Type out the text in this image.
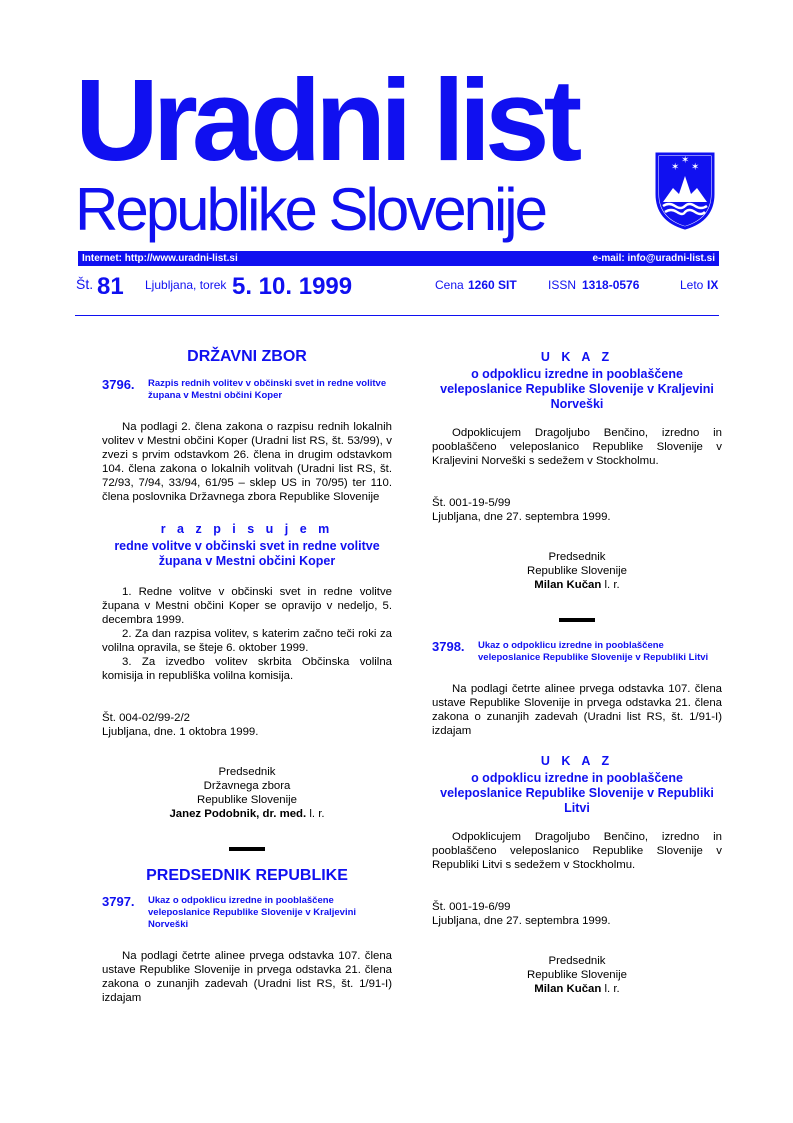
Uradni list
Republike Slovenije
✶ ✶
✶
Internet: http://www.uradni-list.si	e-mail: info@uradni-list.si
Št. 81 Ljubljana, torek 5. 10. 1999	Cena 1260 SIT	ISSN 1318-0576	Leto IX
DRŽAVNI ZBOR
3796.	Razpis rednih volitev v občinski svet in redne volitve župana v Mestni občini Koper

Na podlagi 2. člena zakona o razpisu rednih lokalnih volitev v Mestni občini Koper (Uradni list RS, št. 53/99), v zvezi s prvim odstavkom 26. člena in drugim odstavkom 104. člena zakona o lokalnih volitvah (Uradni list RS, št. 72/93, 7/94, 33/94, 61/95 – sklep US in 70/95) ter 110. člena poslovnika Državnega zbora Republike Slovenije

r a z p i s u j e m
redne volitve v občinski svet in redne volitve župana v Mestni občini Koper

1. Redne volitve v občinski svet in redne volitve župana v Mestni občini Koper se opravijo v nedeljo, 5. decembra 1999.

2. Za dan razpisa volitev, s katerim začno teči roki za volilna opravila, se šteje 6. oktober 1999.

3. Za izvedbo volitev skrbita Občinska volilna komisija in republiška volilna komisija.

Št. 004-02/99-2/2

Ljubljana, dne. 1 oktobra 1999.

Predsednik
Državnega zbora
Republike Slovenije
Janez Podobnik, dr. med. l. r.
PREDSEDNIK REPUBLIKE
3797.	Ukaz o odpoklicu izredne in pooblaščene veleposlanice Republike Slovenije v Kraljevini Norveški

Na podlagi četrte alinee prvega odstavka 107. člena ustave Republike Slovenije in prvega odstavka 21. člena zakona o zunanjih zadevah (Uradni list RS, št. 1/91-I) izdajam

U K A Z
o odpoklicu izredne in pooblaščene veleposlanice Republike Slovenije v Kraljevini Norveški

Odpoklicujem Dragoljubo Benčino, izredno in pooblaščeno veleposlanico Republike Slovenije v Kraljevini Norveški s sedežem v Stockholmu.

Št. 001-19-5/99

Ljubljana, dne 27. septembra 1999.

Predsednik
Republike Slovenije
Milan Kučan l. r.
3798.	Ukaz o odpoklicu izredne in pooblaščene veleposlanice Republike Slovenije v Republiki Litvi

Na podlagi četrte alinee prvega odstavka 107. člena ustave Republike Slovenije in prvega odstavka 21. člena zakona o zunanjih zadevah (Uradni list RS, št. 1/91-I) izdajam

U K A Z
o odpoklicu izredne in pooblaščene veleposlanice Republike Slovenije v Republiki Litvi

Odpoklicujem Dragoljubo Benčino, izredno in pooblaščeno veleposlanico Republike Slovenije v Republiki Litvi s sedežem v Stockholmu.

Št. 001-19-6/99

Ljubljana, dne 27. septembra 1999.

Predsednik
Republike Slovenije
Milan Kučan l. r.
